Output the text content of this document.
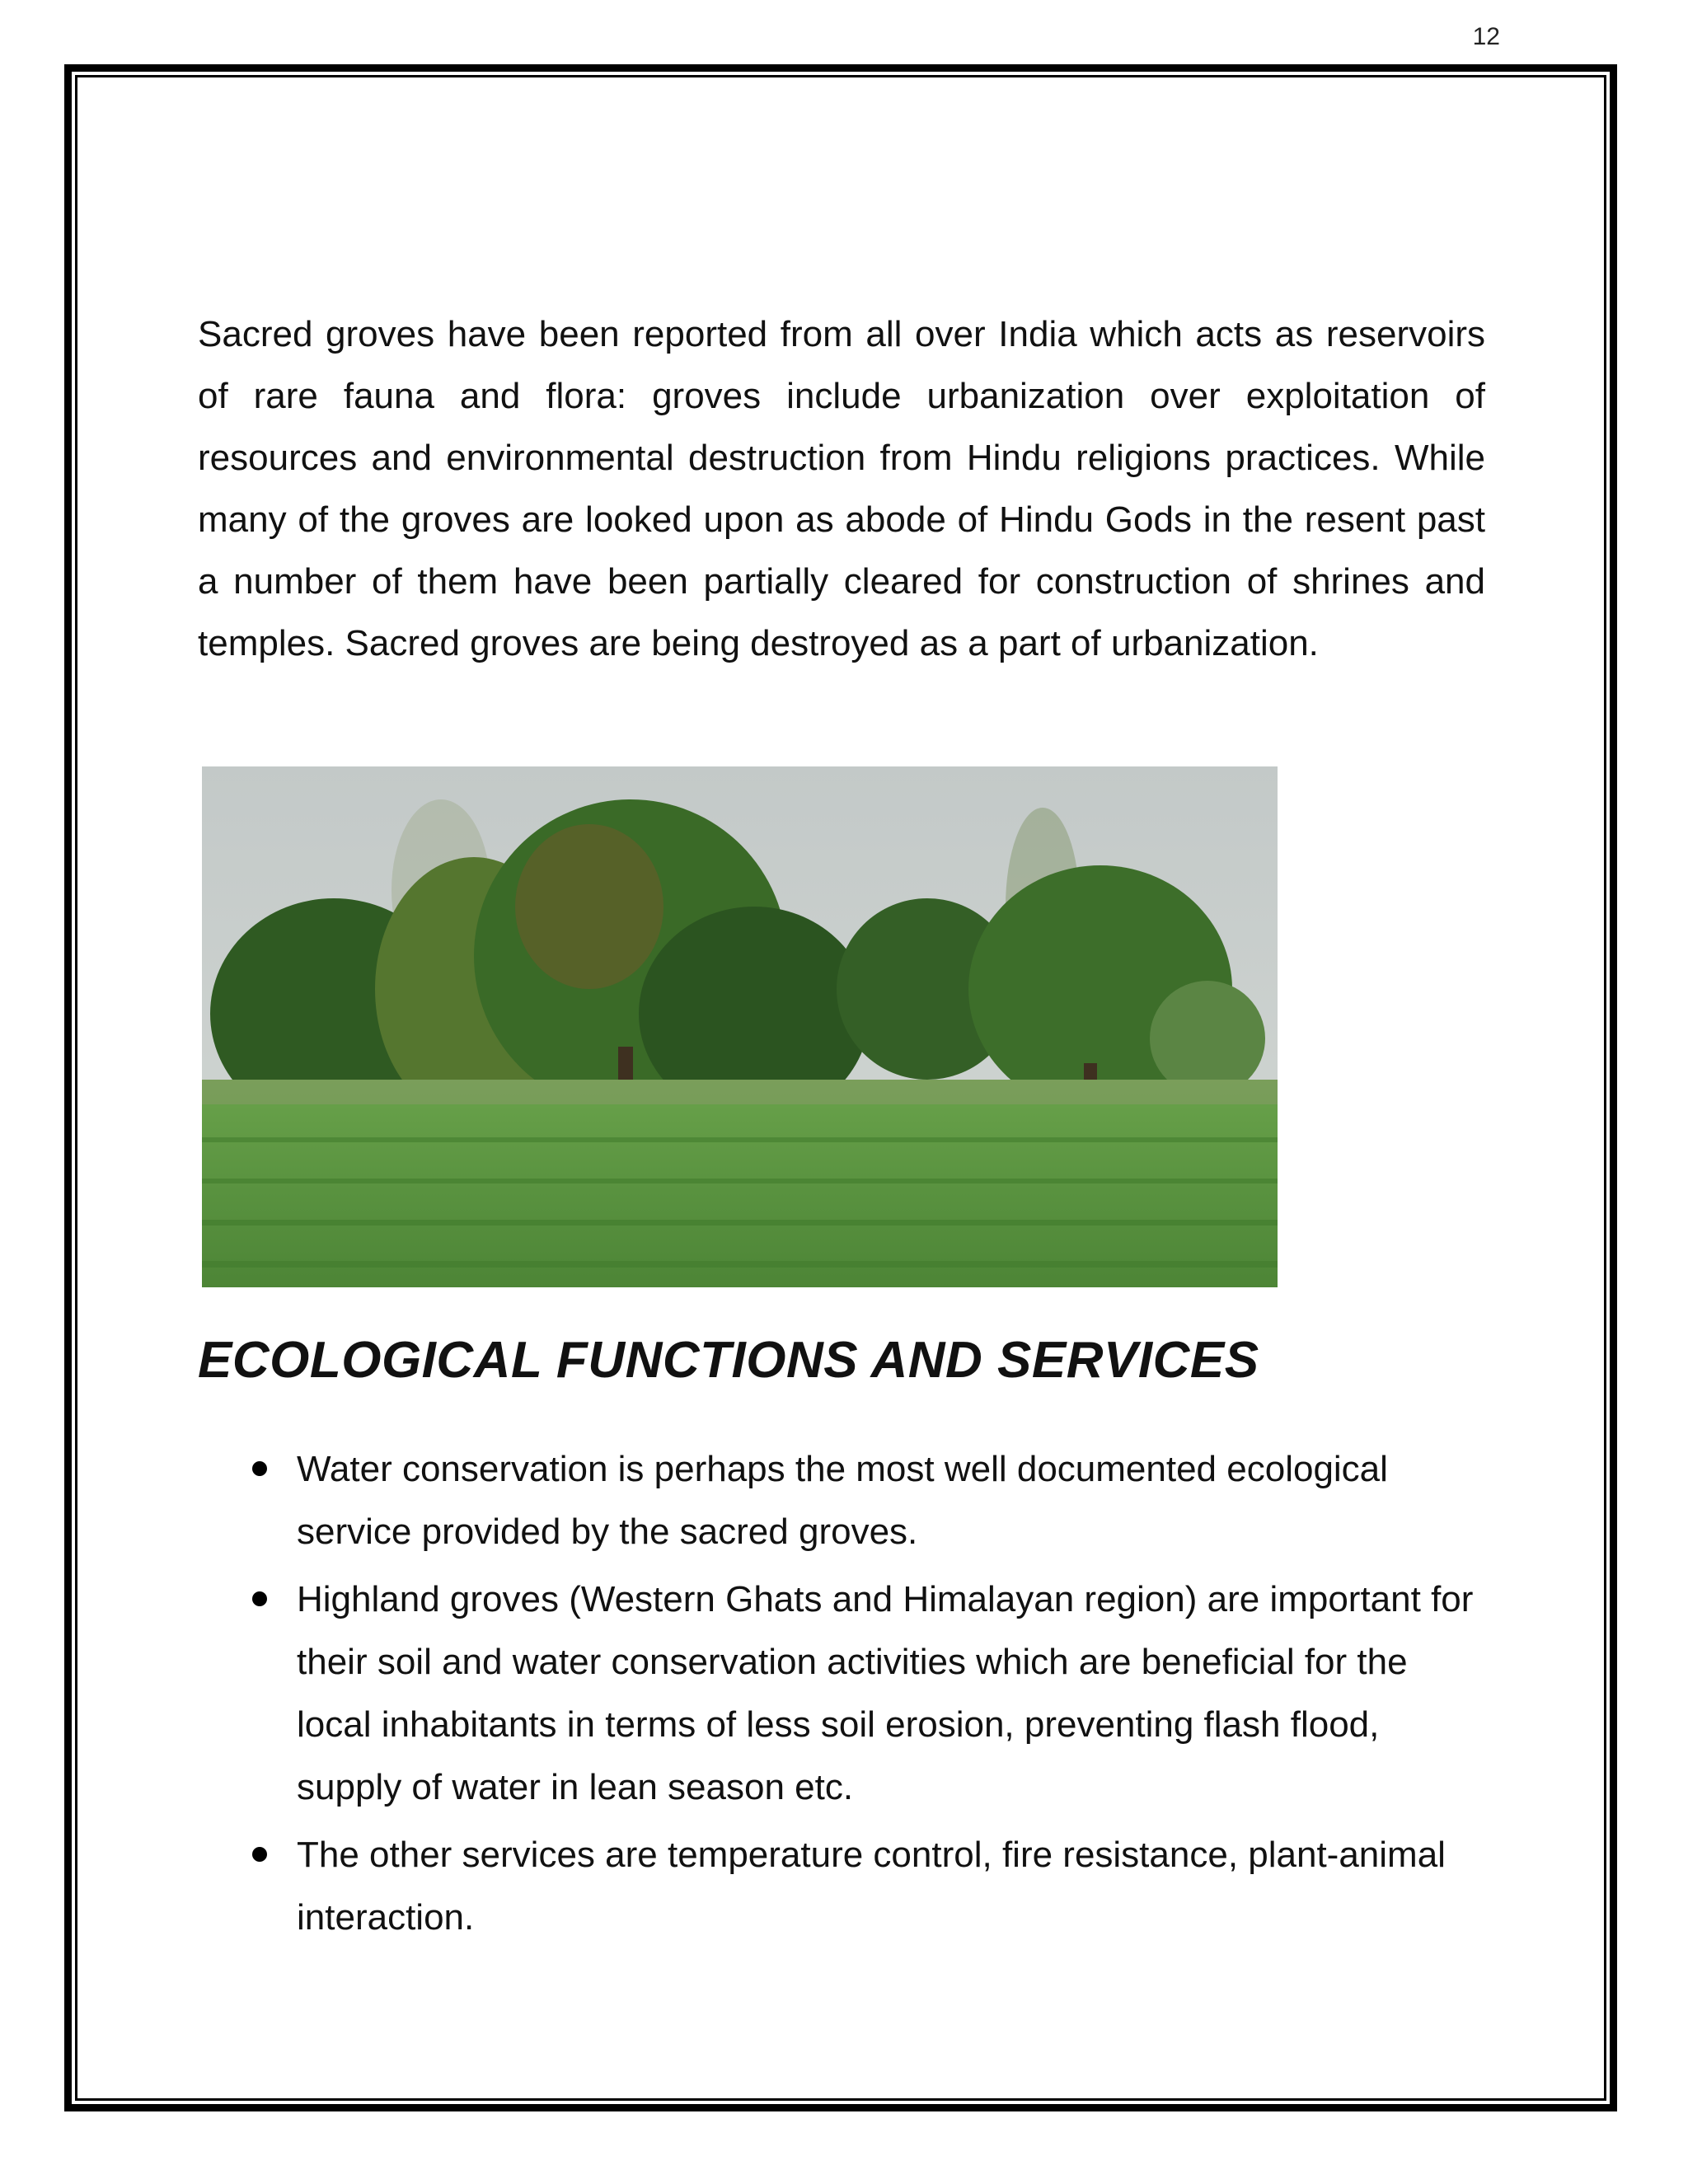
12

Sacred groves have been reported from all over India which acts as reservoirs of rare fauna and flora: groves include urbanization over exploitation of resources and environmental destruction from Hindu religions practices. While many of the groves are looked upon as abode of Hindu Gods in the resent past a number of them have been partially cleared for construction of shrines and temples. Sacred groves are being destroyed as a part of urbanization.

ECOLOGICAL FUNCTIONS AND SERVICES
Water conservation is perhaps the most well documented ecological service provided by the sacred groves.
Highland groves (Western Ghats and Himalayan region) are important for their soil and water conservation activities which are beneficial for the local inhabitants in terms of less soil erosion, preventing flash flood, supply of water in lean season etc.
The other services are temperature control, fire resistance, plant-animal interaction.
